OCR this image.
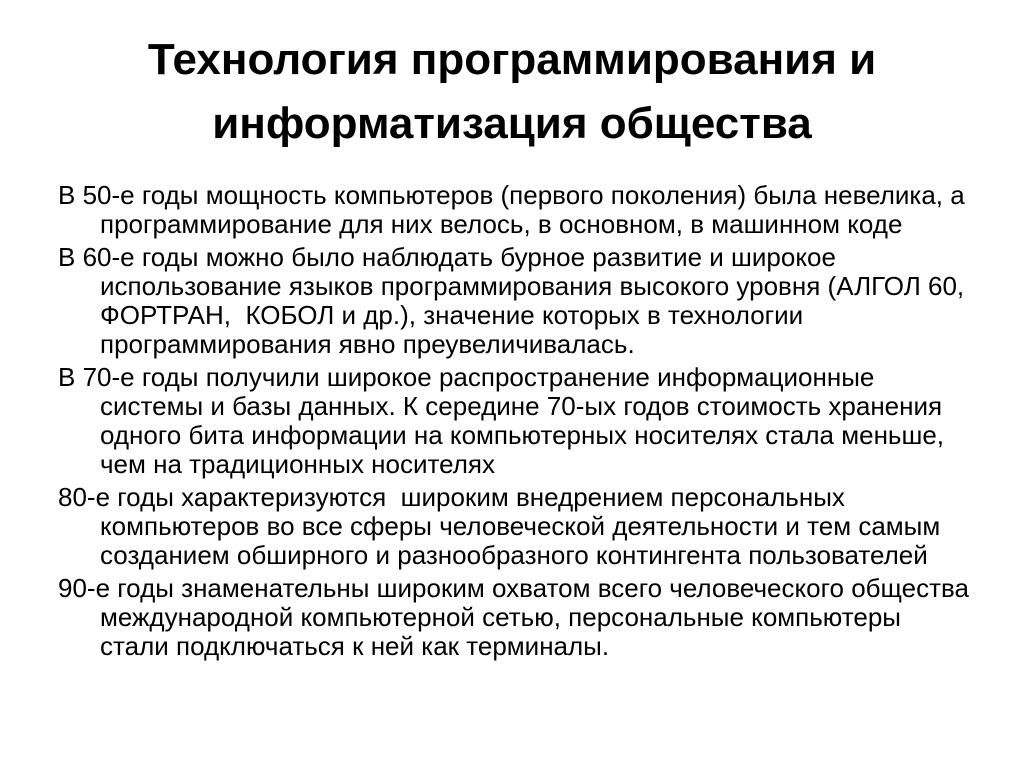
Технология программирования и
информатизация общества

В 50-е годы мощность компьютеров (первого поколения) была невелика, а
программирование для них велось, в основном, в машинном коде

В 60-е годы можно было наблюдать бурное развитие и широкое
использование языков программирования высокого уровня (АЛГОЛ 60,
ФОРТРАН,  КОБОЛ и др.), значение которых в технологии
программирования явно преувеличивалась.

В 70-е годы получили широкое распространение информационные
системы и базы данных. К середине 70-ых годов стоимость хранения
одного бита информации на компьютерных носителях стала меньше,
чем на традиционных носителях

80-е годы характеризуются  широким внедрением персональных
компьютеров во все сферы человеческой деятельности и тем самым
созданием обширного и разнообразного контингента пользователей

90-е годы знаменательны широким охватом всего человеческого общества
международной компьютерной сетью, персональные компьютеры
стали подключаться к ней как терминалы.
